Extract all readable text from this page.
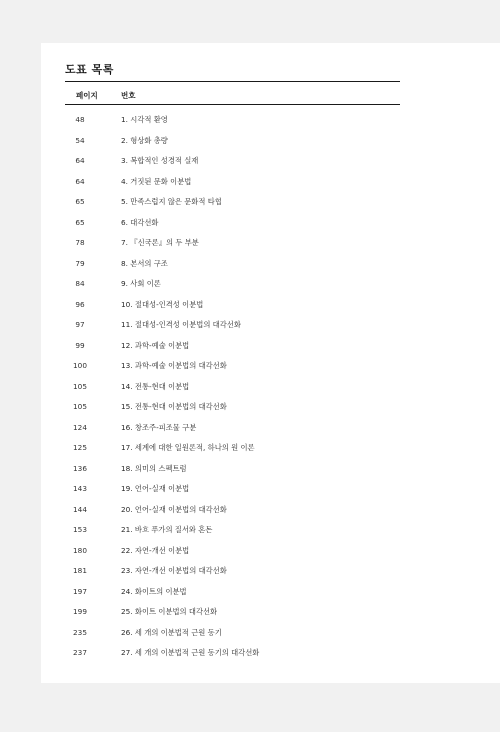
도표 목록
페이지	번호
48	1. 시각적 환영
54	2. 형상화 총량
64	3. 복합적인 성경적 실재
64	4. 거짓된 문화 이분법
65	5. 만족스럽지 않은 문화적 타협
65	6. 대각선화
78	7. 『신국론』의 두 부분
79	8. 본서의 구조
84	9. 사회 이론
96	10. 절대성-인격성 이분법
97	11. 절대성-인격성 이분법의 대각선화
99	12. 과학-예술 이분법
100	13. 과학-예술 이분법의 대각선화
105	14. 전통-현대 이분법
105	15. 전통-현대 이분법의 대각선화
124	16. 창조주-피조물 구분
125	17. 세계에 대한 일원론적, 하나의 원 이론
136	18. 의미의 스펙트럼
143	19. 언어-실재 이분법
144	20. 언어-실재 이분법의 대각선화
153	21. 바흐 푸가의 질서와 혼돈
180	22. 자연-개선 이분법
181	23. 자연-개선 이분법의 대각선화
197	24. 화이트의 이분법
199	25. 화이트 이분법의 대각선화
235	26. 세 개의 이분법적 근원 동기
237	27. 세 개의 이분법적 근원 동기의 대각선화
